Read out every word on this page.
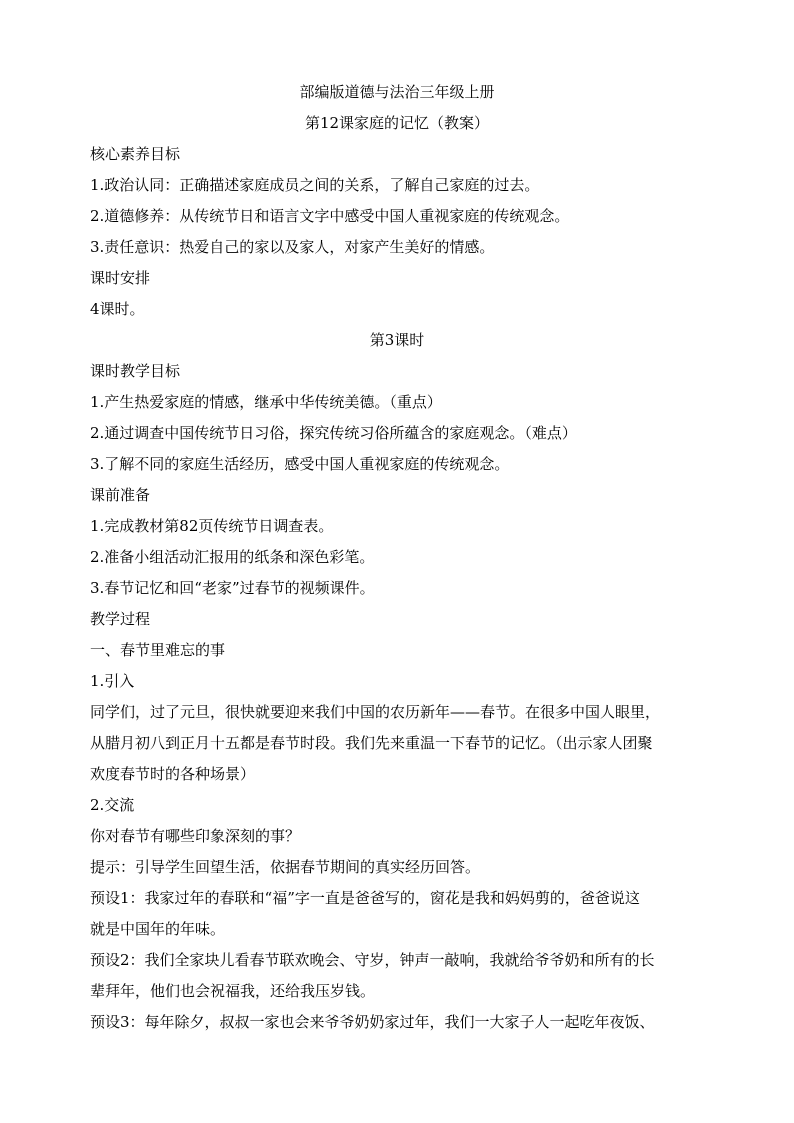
部编版道德与法治三年级上册
第12课家庭的记忆（教案）
核心素养目标
1.政治认同：正确描述家庭成员之间的关系，了解自己家庭的过去。
2.道德修养：从传统节日和语言文字中感受中国人重视家庭的传统观念。
3.责任意识：热爱自己的家以及家人，对家产生美好的情感。
课时安排
4课时。
第3课时
课时教学目标
1.产生热爱家庭的情感，继承中华传统美德。（重点）
2.通过调查中国传统节日习俗，探究传统习俗所蕴含的家庭观念。（难点）
3.了解不同的家庭生活经历，感受中国人重视家庭的传统观念。
课前准备
1.完成教材第82页传统节日调查表。
2.准备小组活动汇报用的纸条和深色彩笔。
3.春节记忆和回“老家”过春节的视频课件。
教学过程
一、春节里难忘的事
1.引入
同学们，过了元旦，很快就要迎来我们中国的农历新年——春节。在很多中国人眼里，
从腊月初八到正月十五都是春节时段。我们先来重温一下春节的记忆。（出示家人团聚
欢度春节时的各种场景）
2.交流
你对春节有哪些印象深刻的事？
提示：引导学生回望生活，依据春节期间的真实经历回答。
预设1：我家过年的春联和“福”字一直是爸爸写的，窗花是我和妈妈剪的，爸爸说这
就是中国年的年味。
预设2：我们全家块儿看春节联欢晚会、守岁，钟声一敲响，我就给爷爷奶和所有的长
辈拜年，他们也会祝福我，还给我压岁钱。
预设3：每年除夕，叔叔一家也会来爷爷奶奶家过年，我们一大家子人一起吃年夜饭、
